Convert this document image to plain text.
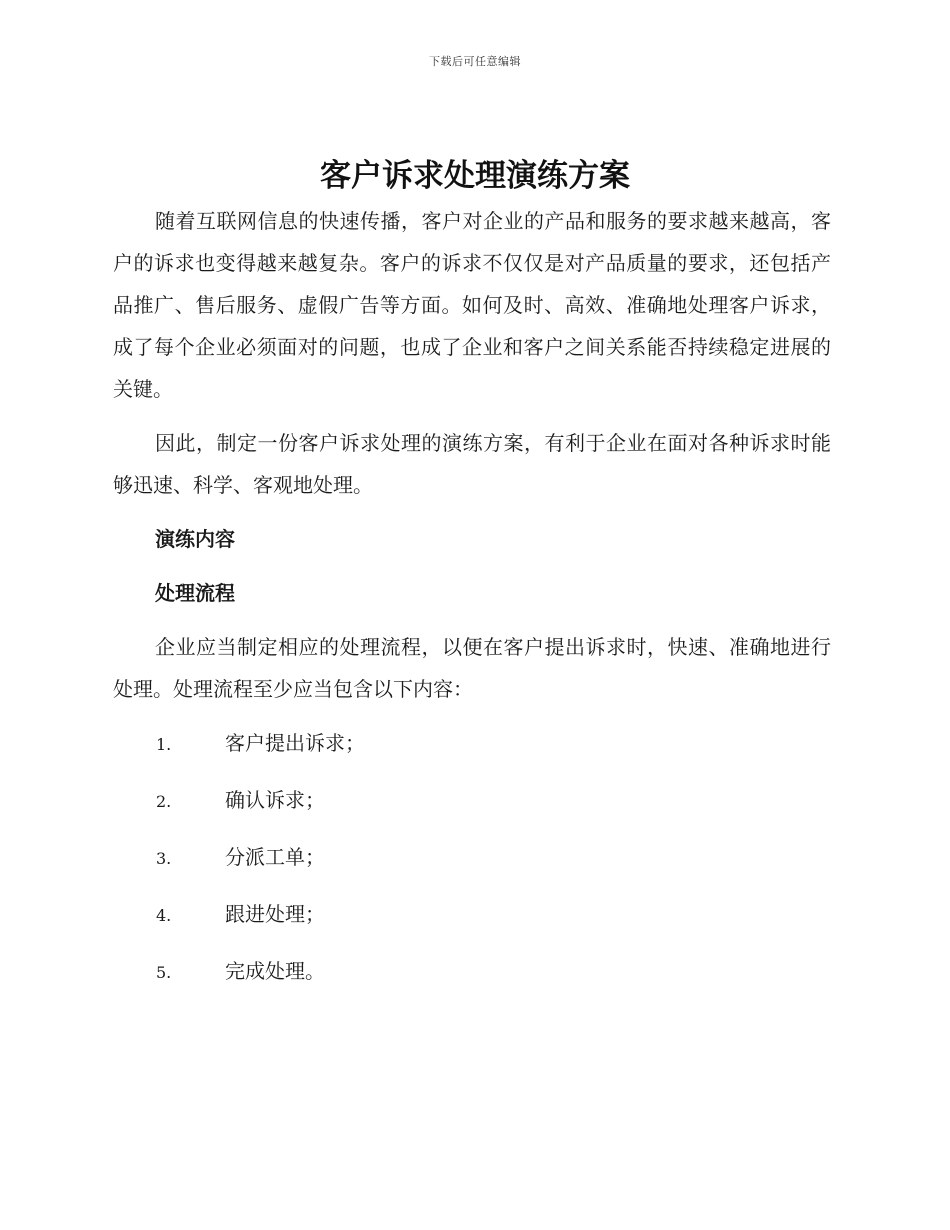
下载后可任意编辑
客户诉求处理演练方案

随着互联网信息的快速传播，客户对企业的产品和服务的要求越来越高，客户的诉求也变得越来越复杂。客户的诉求不仅仅是对产品质量的要求，还包括产品推广、售后服务、虚假广告等方面。如何及时、高效、准确地处理客户诉求，成了每个企业必须面对的问题，也成了企业和客户之间关系能否持续稳定进展的关键。

因此，制定一份客户诉求处理的演练方案，有利于企业在面对各种诉求时能够迅速、科学、客观地处理。

演练内容
处理流程

企业应当制定相应的处理流程，以便在客户提出诉求时，快速、准确地进行处理。处理流程至少应当包含以下内容：

1.	客户提出诉求；
2.	确认诉求；
3.	分派工单；
4.	跟进处理；
5.	完成处理。
